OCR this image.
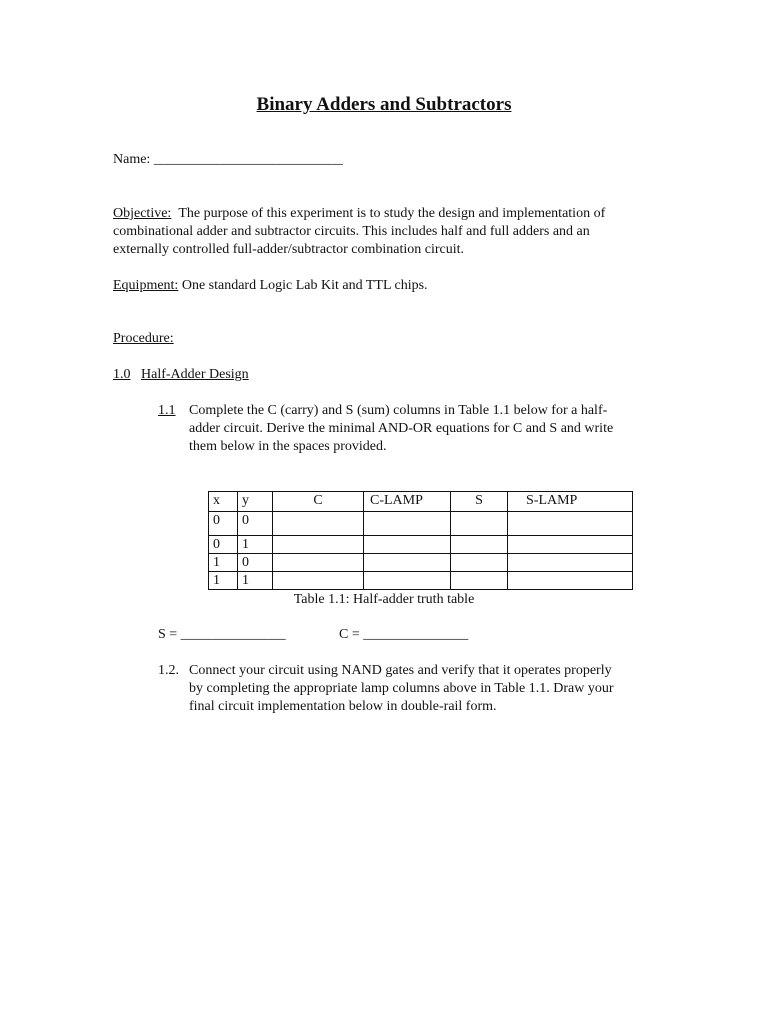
Binary Adders and Subtractors
Name: ___________________________
Objective: The purpose of this experiment is to study the design and implementation of
combinational adder and subtractor circuits. This includes half and full adders and an
externally controlled full-adder/subtractor combination circuit.
Equipment: One standard Logic Lab Kit and TTL chips.
Procedure:
1.0 Half-Adder Design
1.1 Complete the C (carry) and S (sum) columns in Table 1.1 below for a half-
adder circuit. Derive the minimal AND-OR equations for C and S and write
them below in the spaces provided.
x	y	C	C-LAMP	S	S-LAMP
0	0				
0	1				
1	0				
1	1				
Table 1.1: Half-adder truth table
S = _______________	C = _______________
1.2. Connect your circuit using NAND gates and verify that it operates properly
by completing the appropriate lamp columns above in Table 1.1. Draw your
final circuit implementation below in double-rail form.
